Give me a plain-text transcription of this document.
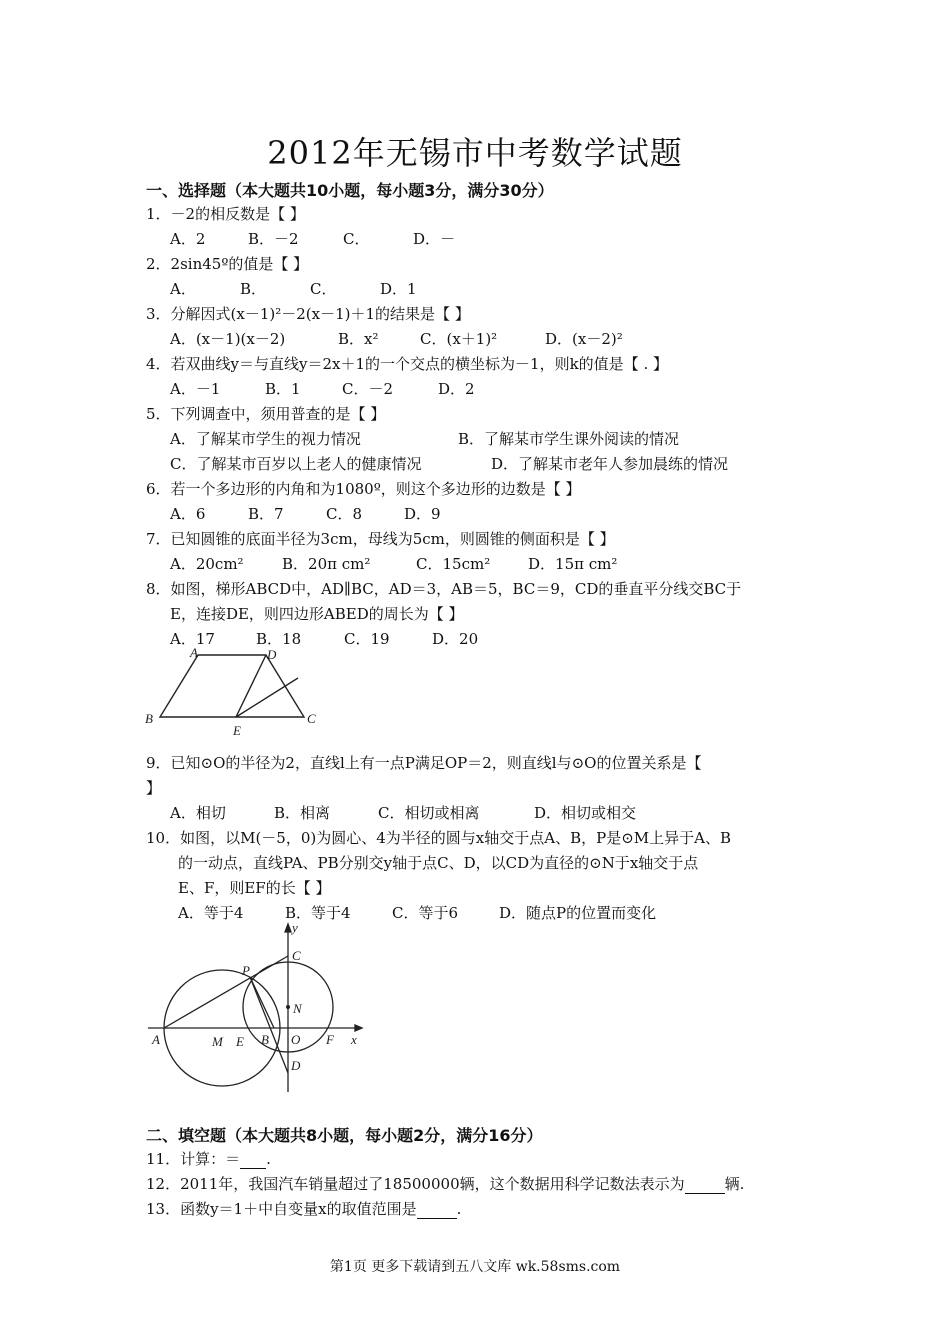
2012年无锡市中考数学试题
一、选择题（本大题共10小题，每小题3分，满分30分）
1．－2的相反数是【 】
A．2	B．－2	C．	D．－
2．2sin45º的值是【 】
A．	B．	C．	D．1
3．分解因式(x－1)²－2(x－1)＋1的结果是【 】
A．(x－1)(x－2)	B．x²	C．(x＋1)²	D．(x－2)²
4．若双曲线y＝与直线y＝2x＋1的一个交点的横坐标为－1，则k的值是【 . 】
A．－1	B．1	C．－2	D．2
5．下列调查中，须用普查的是【 】
A．了解某市学生的视力情况	B．了解某市学生课外阅读的情况
C．了解某市百岁以上老人的健康情况	D．了解某市老年人参加晨练的情况
6．若一个多边形的内角和为1080º，则这个多边形的边数是【 】
A．6	B．7	C．8	D．9
7．已知圆锥的底面半径为3cm，母线为5cm，则圆锥的侧面积是【 】
A．20cm²	B．20π cm²	C．15cm²	D．15π cm²
8．如图，梯形ABCD中，AD∥BC，AD＝3，AB＝5，BC＝9，CD的垂直平分线交BC于
E，连接DE，则四边形ABED的周长为【 】
A．17	B．18	C．19	D．20
A	D
B
E
C
9．已知⊙O的半径为2，直线l上有一点P满足OP＝2，则直线l与⊙O的位置关系是【
】
A．相切	B．相离	C．相切或相离	D．相切或相交
10．如图，以M(－5，0)为圆心、4为半径的圆与x轴交于点A、B，P是⊙M上异于A、B
的一动点，直线PA、PB分别交y轴于点C、D，以CD为直径的⊙N于x轴交于点
E、F，则EF的长【 】
A．等于4	B．等于4	C．等于6	D．随点P的位置而变化
y
C
P
N
A	M E B O F x
D
二、填空题（本大题共8小题，每小题2分，满分16分）
11．计算：＝ .
12．2011年，我国汽车销量超过了18500000辆，这个数据用科学记数法表示为	辆.
13．函数y＝1＋中自变量x的取值范围是	.
第1页 更多下载请到五八文库 wk.58sms.com
